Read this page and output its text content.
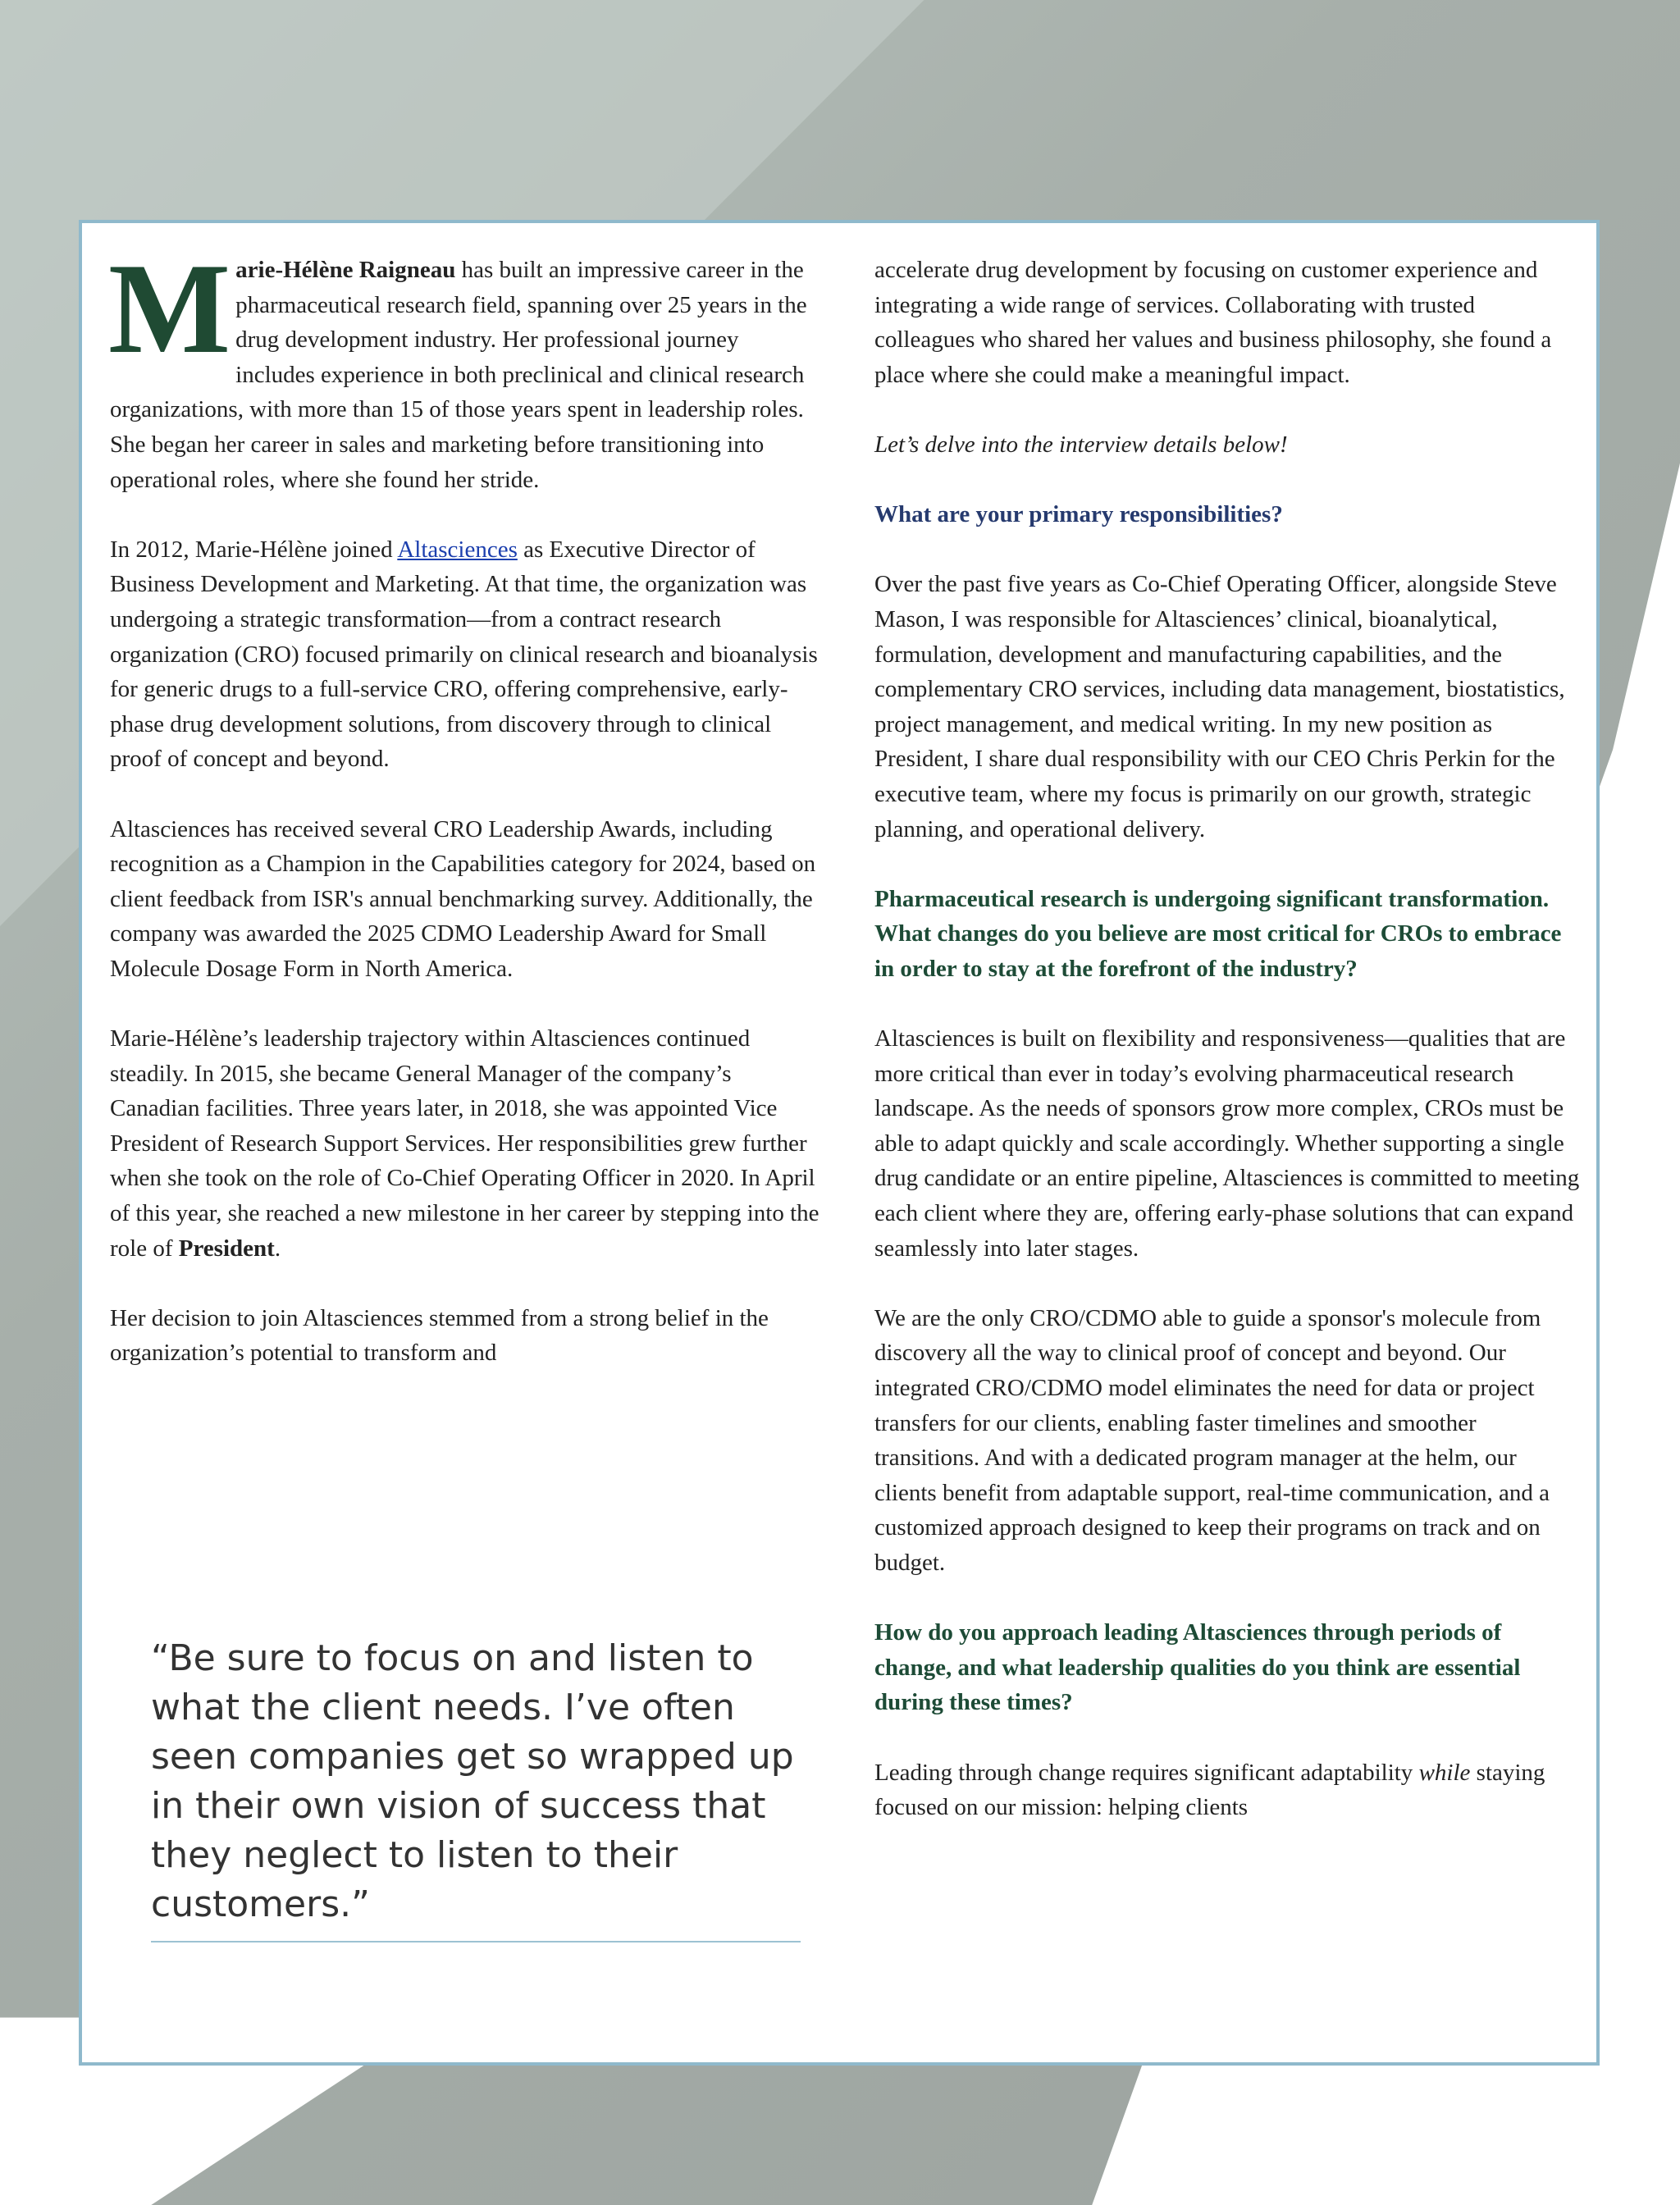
Marie-Hélène Raigneau has built an impressive career in the pharmaceutical research field, spanning over 25 years in the drug development industry. Her professional journey includes experience in both preclinical and clinical research organizations, with more than 15 of those years spent in leadership roles. She began her career in sales and marketing before transitioning into operational roles, where she found her stride.

In 2012, Marie-Hélène joined Altasciences as Executive Director of Business Development and Marketing. At that time, the organization was undergoing a strategic transformation—from a contract research organization (CRO) focused primarily on clinical research and bioanalysis for generic drugs to a full-service CRO, offering comprehensive, early-phase drug development solutions, from discovery through to clinical proof of concept and beyond.

Altasciences has received several CRO Leadership Awards, including recognition as a Champion in the Capabilities category for 2024, based on client feedback from ISR's annual benchmarking survey. Additionally, the company was awarded the 2025 CDMO Leadership Award for Small Molecule Dosage Form in North America.

Marie-Hélène’s leadership trajectory within Altasciences continued steadily. In 2015, she became General Manager of the company’s Canadian facilities. Three years later, in 2018, she was appointed Vice President of Research Support Services. Her responsibilities grew further when she took on the role of Co-Chief Operating Officer in 2020. In April of this year, she reached a new milestone in her career by stepping into the role of President.

Her decision to join Altasciences stemmed from a strong belief in the organization’s potential to transform and

“Be sure to focus on and listen to what the client needs. I’ve often seen companies get so wrapped up in their own vision of success that they neglect to listen to their customers.”

accelerate drug development by focusing on customer experience and integrating a wide range of services. Collaborating with trusted colleagues who shared her values and business philosophy, she found a place where she could make a meaningful impact.

Let’s delve into the interview details below!

What are your primary responsibilities?

Over the past five years as Co-Chief Operating Officer, alongside Steve Mason, I was responsible for Altasciences’ clinical, bioanalytical, formulation, development and manufacturing capabilities, and the complementary CRO services, including data management, biostatistics, project management, and medical writing. In my new position as President, I share dual responsibility with our CEO Chris Perkin for the executive team, where my focus is primarily on our growth, strategic planning, and operational delivery.

Pharmaceutical research is undergoing significant transformation. What changes do you believe are most critical for CROs to embrace in order to stay at the forefront of the industry?

Altasciences is built on flexibility and responsiveness—qualities that are more critical than ever in today’s evolving pharmaceutical research landscape. As the needs of sponsors grow more complex, CROs must be able to adapt quickly and scale accordingly. Whether supporting a single drug candidate or an entire pipeline, Altasciences is committed to meeting each client where they are, offering early-phase solutions that can expand seamlessly into later stages.

We are the only CRO/CDMO able to guide a sponsor's molecule from discovery all the way to clinical proof of concept and beyond. Our integrated CRO/CDMO model eliminates the need for data or project transfers for our clients, enabling faster timelines and smoother transitions. And with a dedicated program manager at the helm, our clients benefit from adaptable support, real-time communication, and a customized approach designed to keep their programs on track and on budget.

How do you approach leading Altasciences through periods of change, and what leadership qualities do you think are essential during these times?

Leading through change requires significant adaptability while staying focused on our mission: helping clients
